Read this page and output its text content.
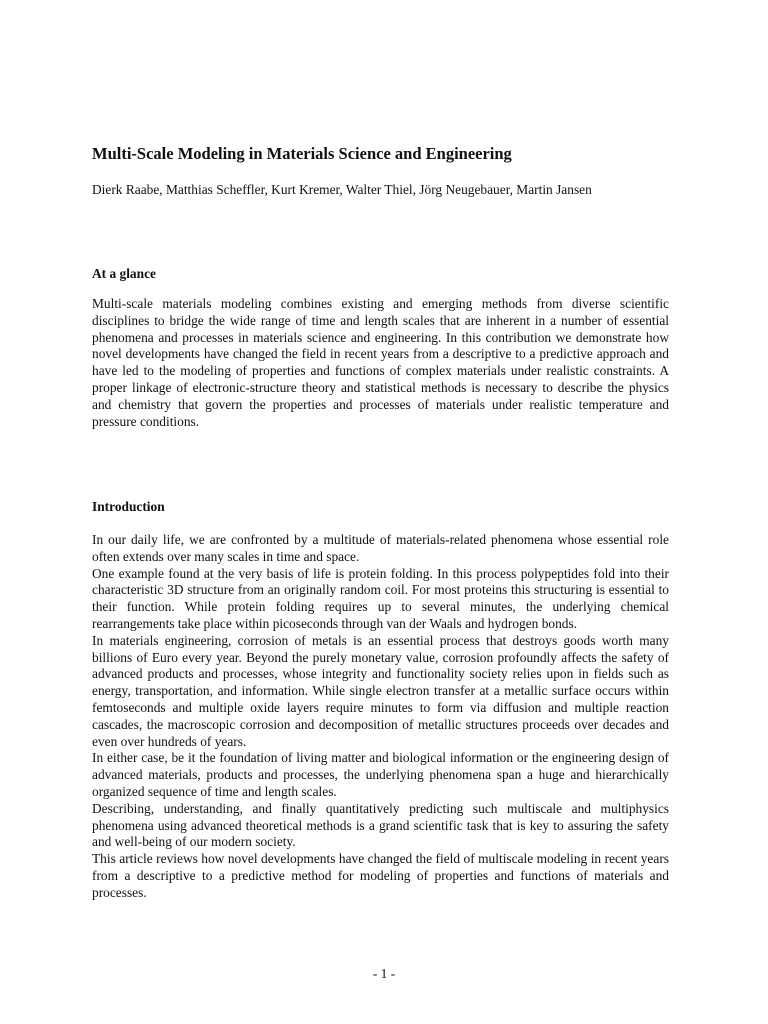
Multi-Scale Modeling in Materials Science and Engineering

Dierk Raabe, Matthias Scheffler, Kurt Kremer, Walter Thiel, Jörg Neugebauer, Martin Jansen

At a glance

Multi-scale materials modeling combines existing and emerging methods from diverse scientific disciplines to bridge the wide range of time and length scales that are inherent in a number of essential phenomena and processes in materials science and engineering. In this contribution we demonstrate how novel developments have changed the field in recent years from a descriptive to a predictive approach and have led to the modeling of properties and functions of complex materials under realistic constraints. A proper linkage of electronic-structure theory and statistical methods is necessary to describe the physics and chemistry that govern the properties and processes of materials under realistic temperature and pressure conditions.

Introduction

In our daily life, we are confronted by a multitude of materials-related phenomena whose essential role often extends over many scales in time and space.

One example found at the very basis of life is protein folding. In this process polypeptides fold into their characteristic 3D structure from an originally random coil. For most proteins this structuring is essential to their function. While protein folding requires up to several minutes, the underlying chemical rearrangements take place within picoseconds through van der Waals and hydrogen bonds.

In materials engineering, corrosion of metals is an essential process that destroys goods worth many billions of Euro every year. Beyond the purely monetary value, corrosion profoundly affects the safety of advanced products and processes, whose integrity and functionality society relies upon in fields such as energy, transportation, and information. While single electron transfer at a metallic surface occurs within femtoseconds and multiple oxide layers require minutes to form via diffusion and multiple reaction cascades, the macroscopic corrosion and decomposition of metallic structures proceeds over decades and even over hundreds of years.

In either case, be it the foundation of living matter and biological information or the engineering design of advanced materials, products and processes, the underlying phenomena span a huge and hierarchically organized sequence of time and length scales.

Describing, understanding, and finally quantitatively predicting such multiscale and multiphysics phenomena using advanced theoretical methods is a grand scientific task that is key to assuring the safety and well-being of our modern society.

This article reviews how novel developments have changed the field of multiscale modeling in recent years from a descriptive to a predictive method for modeling of properties and functions of materials and processes.

- 1 -
